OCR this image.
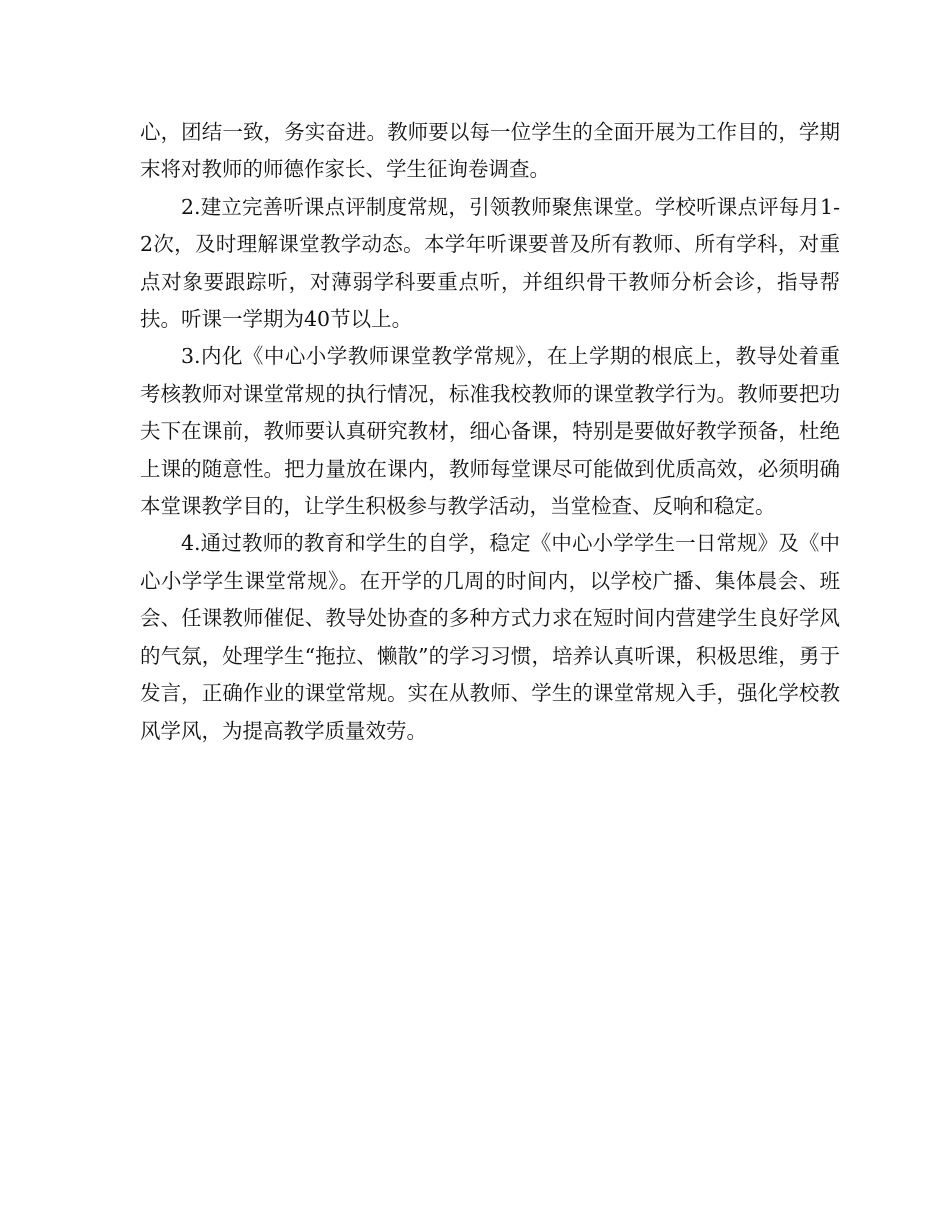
心，团结一致，务实奋进。教师要以每一位学生的全面开展为工作目的，学期末将对教师的师德作家长、学生征询卷调查。

2.建立完善听课点评制度常规，引领教师聚焦课堂。学校听课点评每月1-2次，及时理解课堂教学动态。本学年听课要普及所有教师、所有学科，对重点对象要跟踪听，对薄弱学科要重点听，并组织骨干教师分析会诊，指导帮扶。听课一学期为40节以上。

3.内化《中心小学教师课堂教学常规》，在上学期的根底上，教导处着重考核教师对课堂常规的执行情况，标准我校教师的课堂教学行为。教师要把功夫下在课前，教师要认真研究教材，细心备课，特别是要做好教学预备，杜绝上课的随意性。把力量放在课内，教师每堂课尽可能做到优质高效，必须明确本堂课教学目的，让学生积极参与教学活动，当堂检查、反响和稳定。

4.通过教师的教育和学生的自学，稳定《中心小学学生一日常规》及《中心小学学生课堂常规》。在开学的几周的时间内，以学校广播、集体晨会、班会、任课教师催促、教导处协查的多种方式力求在短时间内营建学生良好学风的气氛，处理学生“拖拉、懒散”的学习习惯，培养认真听课，积极思维，勇于发言，正确作业的课堂常规。实在从教师、学生的课堂常规入手，强化学校教风学风，为提高教学质量效劳。
